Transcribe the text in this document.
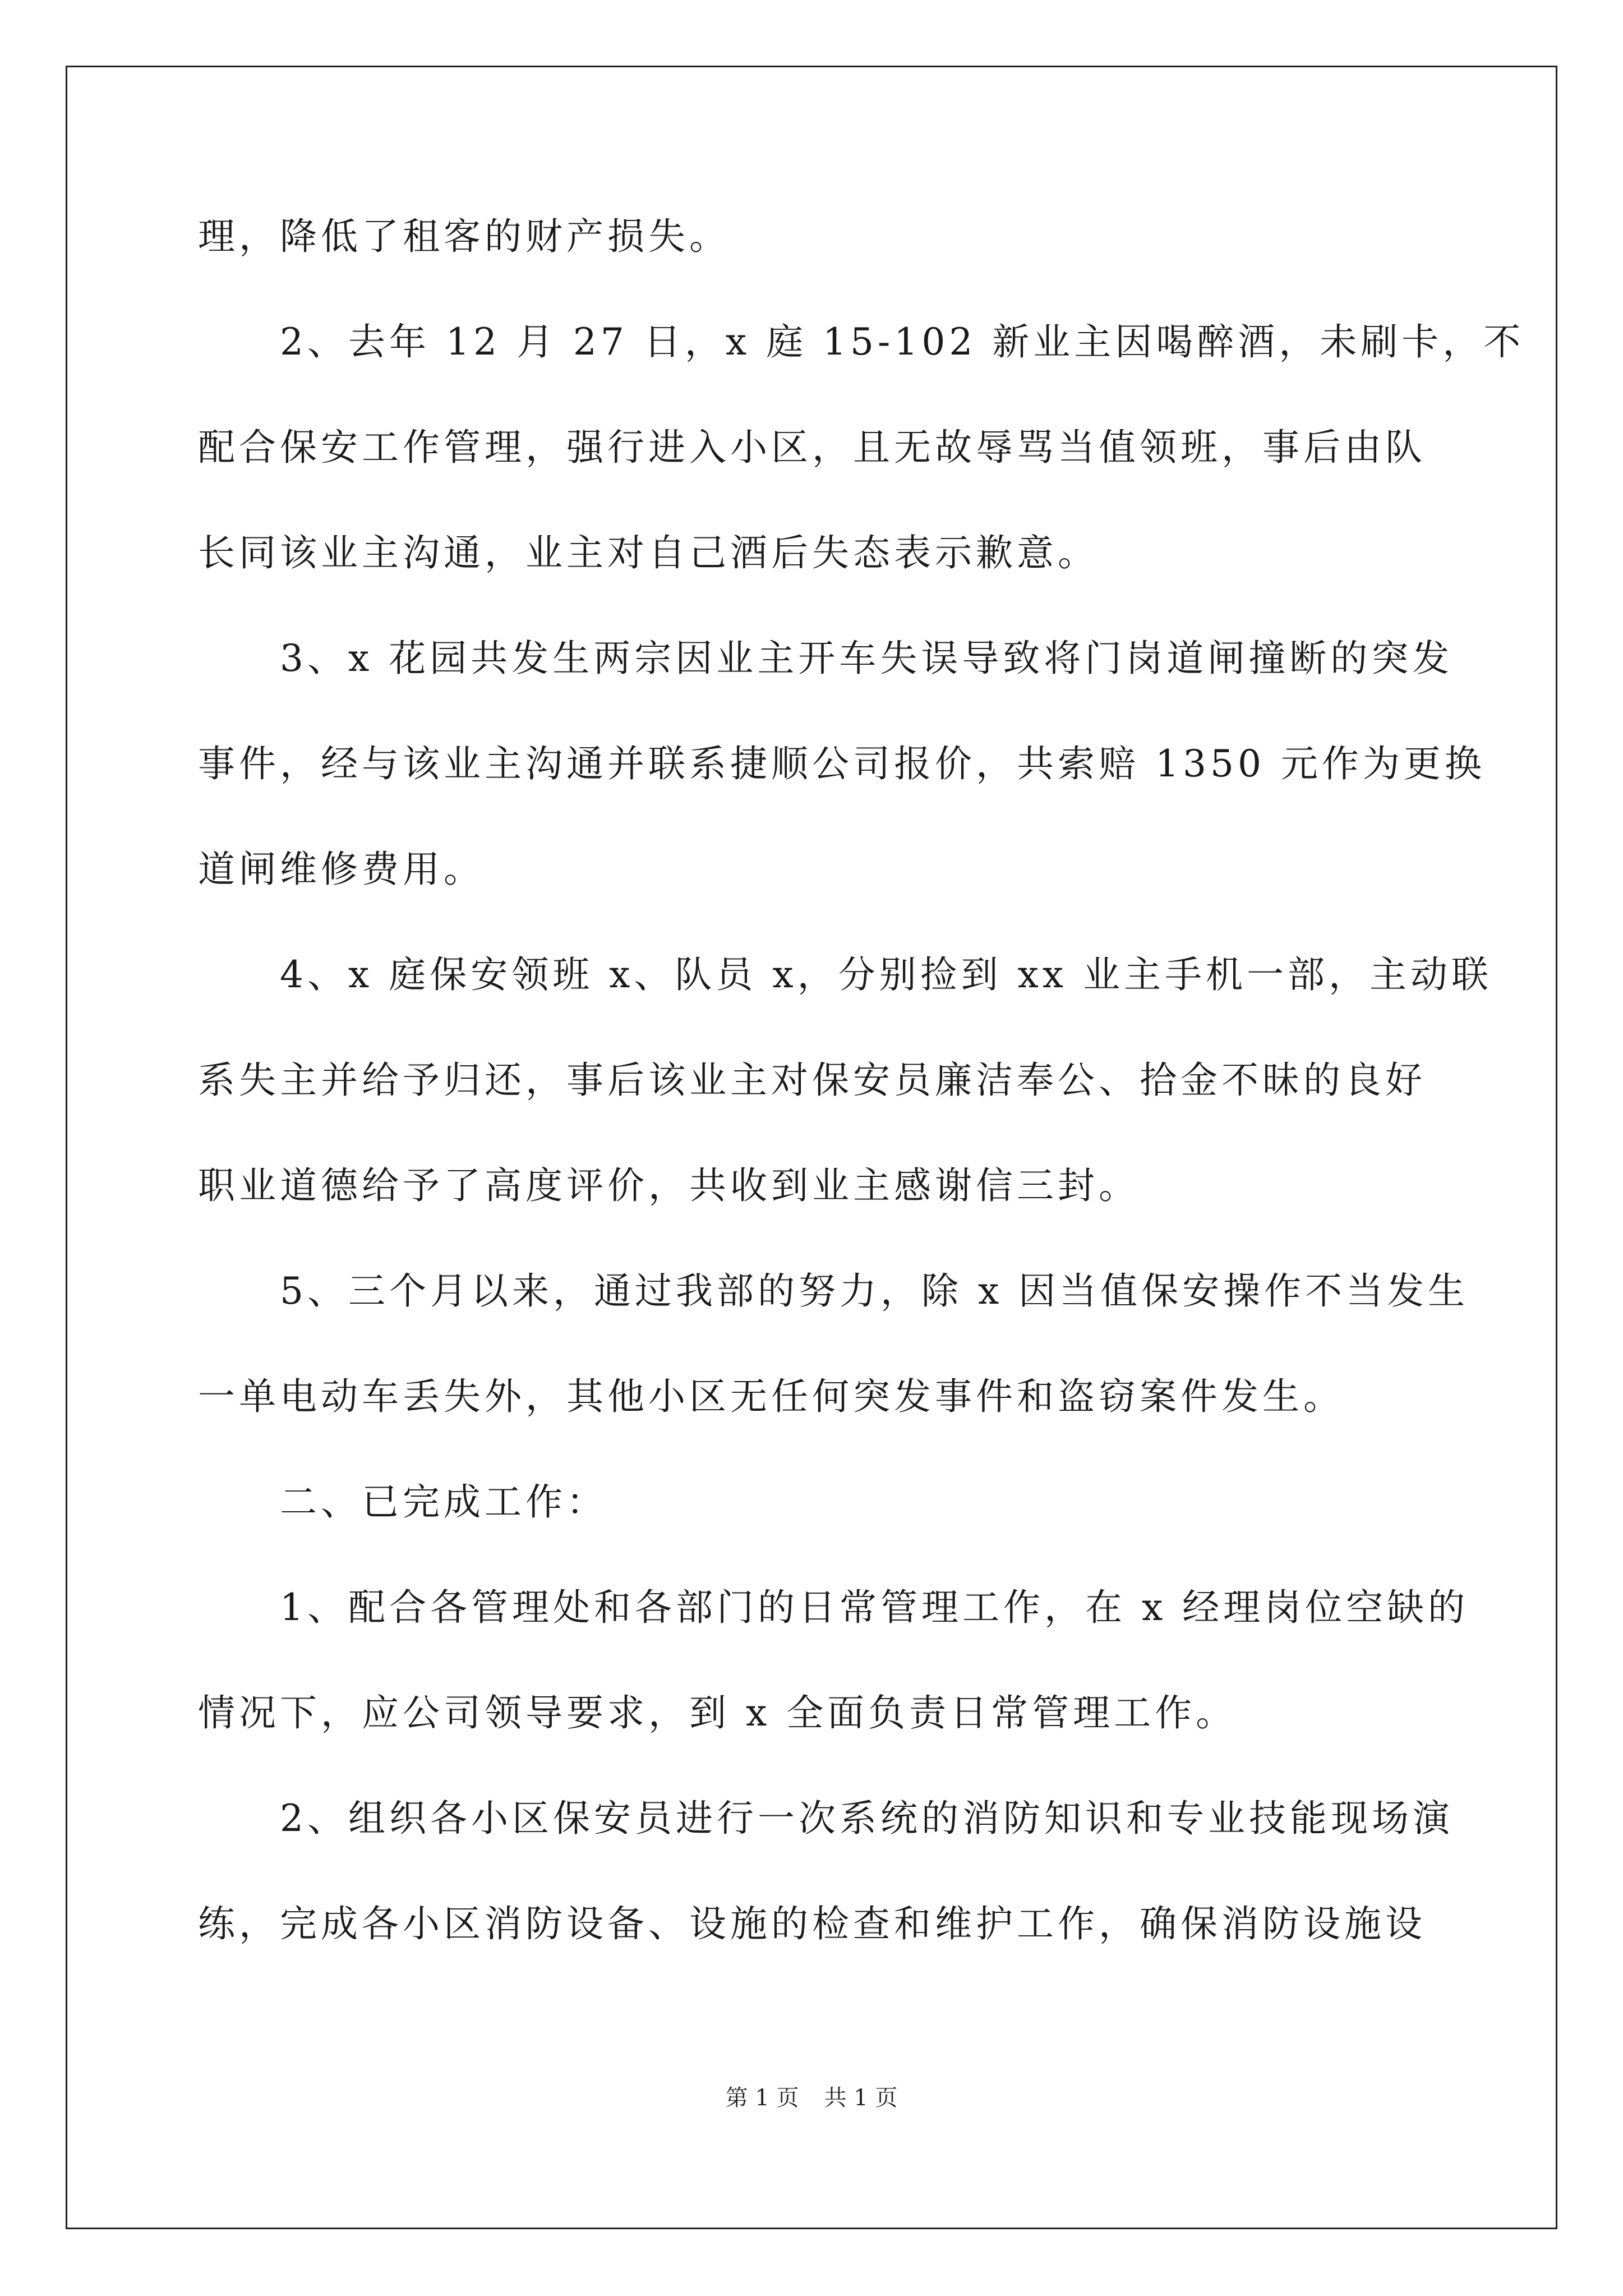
理，降低了租客的财产损失。
　　2、去年 12 月 27 日，x 庭 15-102 新业主因喝醉酒，未刷卡，不
配合保安工作管理，强行进入小区，且无故辱骂当值领班，事后由队
长同该业主沟通，业主对自己酒后失态表示歉意。
　　3、x 花园共发生两宗因业主开车失误导致将门岗道闸撞断的突发
事件，经与该业主沟通并联系捷顺公司报价，共索赔 1350 元作为更换
道闸维修费用。
　　4、x 庭保安领班 x、队员 x，分别捡到 xx 业主手机一部，主动联
系失主并给予归还，事后该业主对保安员廉洁奉公、拾金不昧的良好
职业道德给予了高度评价，共收到业主感谢信三封。
　　5、三个月以来，通过我部的努力，除 x 因当值保安操作不当发生
一单电动车丢失外，其他小区无任何突发事件和盗窃案件发生。
　　二、已完成工作：
　　1、配合各管理处和各部门的日常管理工作，在 x 经理岗位空缺的
情况下，应公司领导要求，到 x 全面负责日常管理工作。
　　2、组织各小区保安员进行一次系统的消防知识和专业技能现场演
练，完成各小区消防设备、设施的检查和维护工作，确保消防设施设
第 1 页 共 1 页
